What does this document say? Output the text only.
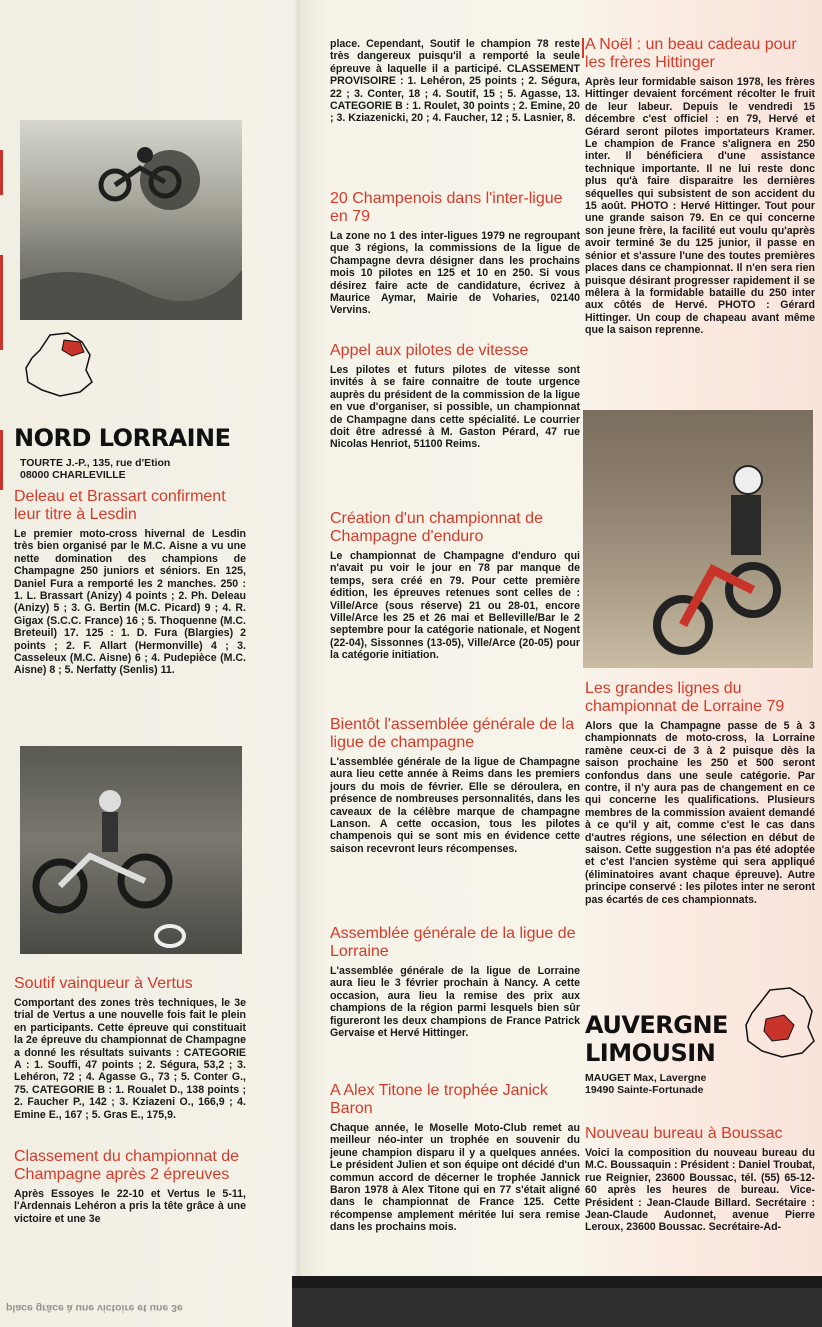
NORD LORRAINE
TOURTE J.-P., 135, rue d'Etion
08000 CHARLEVILLE
Deleau et Brassart confirment leur titre à Lesdin

Le premier moto-cross hivernal de Lesdin très bien organisé par le M.C. Aisne a vu une nette domination des champions de Champagne 250 juniors et séniors. En 125, Daniel Fura a remporté les 2 manches. 250 : 1. L. Brassart (Anizy) 4 points ; 2. Ph. Deleau (Anizy) 5 ; 3. G. Bertin (M.C. Picard) 9 ; 4. R. Gigax (S.C.C. France) 16 ; 5. Thoquenne (M.C. Breteuil) 17. 125 : 1. D. Fura (Blargies) 2 points ; 2. F. Allart (Hermonville) 4 ; 3. Casseleux (M.C. Aisne) 6 ; 4. Pudepièce (M.C. Aisne) 8 ; 5. Nerfatty (Senlis) 11.

Soutif vainqueur à Vertus

Comportant des zones très techniques, le 3e trial de Vertus a une nouvelle fois fait le plein en participants. Cette épreuve qui constituait la 2e épreuve du championnat de Champagne a donné les résultats suivants : CATEGORIE A : 1. Souffi, 47 points ; 2. Ségura, 53,2 ; 3. Lehéron, 72 ; 4. Agasse G., 73 ; 5. Conter G., 75. CATEGORIE B : 1. Roualet D., 138 points ; 2. Faucher P., 142 ; 3. Kziazeni O., 166,9 ; 4. Emine E., 167 ; 5. Gras E., 175,9.

Classement du championnat de Champagne après 2 épreuves

Après Essoyes le 22-10 et Vertus le 5-11, l'Ardennais Lehéron a pris la tête grâce à une victoire et une 3e

place grâce à une victoire et une 3e

place. Cependant, Soutif le champion 78 reste très dangereux puisqu'il a remporté la seule épreuve à laquelle il a participé. CLASSEMENT PROVISOIRE : 1. Lehéron, 25 points ; 2. Ségura, 22 ; 3. Conter, 18 ; 4. Soutif, 15 ; 5. Agasse, 13. CATEGORIE B : 1. Roulet, 30 points ; 2. Emine, 20 ; 3. Kziazenicki, 20 ; 4. Faucher, 12 ; 5. Lasnier, 8.

20 Champenois dans l'inter-ligue en 79

La zone no 1 des inter-ligues 1979 ne regroupant que 3 régions, la commissions de la ligue de Champagne devra désigner dans les prochains mois 10 pilotes en 125 et 10 en 250. Si vous désirez faire acte de candidature, écrivez à Maurice Aymar, Mairie de Voharies, 02140 Vervins.

Appel aux pilotes de vitesse

Les pilotes et futurs pilotes de vitesse sont invités à se faire connaitre de toute urgence auprès du président de la commission de la ligue en vue d'organiser, si possible, un championnat de Champagne dans cette spécialité. Le courrier doit être adressé à M. Gaston Pérard, 47 rue Nicolas Henriot, 51100 Reims.

Création d'un championnat de Champagne d'enduro

Le championnat de Champagne d'enduro qui n'avait pu voir le jour en 78 par manque de temps, sera créé en 79. Pour cette première édition, les épreuves retenues sont celles de : Ville/Arce (sous réserve) 21 ou 28-01, encore Ville/Arce les 25 et 26 mai et Belleville/Bar le 2 septembre pour la catégorie nationale, et Nogent (22-04), Sissonnes (13-05), Ville/Arce (20-05) pour la catégorie initiation.

Bientôt l'assemblée générale de la ligue de champagne

L'assemblée générale de la ligue de Champagne aura lieu cette année à Reims dans les premiers jours du mois de février. Elle se déroulera, en présence de nombreuses personnalités, dans les caveaux de la célèbre marque de champagne Lanson. A cette occasion, tous les pilotes champenois qui se sont mis en évidence cette saison recevront leurs récompenses.

Assemblée générale de la ligue de Lorraine

L'assemblée générale de la ligue de Lorraine aura lieu le 3 février prochain à Nancy. A cette occasion, aura lieu la remise des prix aux champions de la région parmi lesquels bien sûr figureront les deux champions de France Patrick Gervaise et Hervé Hittinger.

A Alex Titone le trophée Janick Baron

Chaque année, le Moselle Moto-Club remet au meilleur néo-inter un trophée en souvenir du jeune champion disparu il y a quelques années. Le président Julien et son équipe ont décidé d'un commun accord de décerner le trophée Jannick Baron 1978 à Alex Titone qui en 77 s'était aligné dans le championnat de France 125. Cette récompense amplement méritée lui sera remise dans les prochains mois.

A Noël : un beau cadeau pour les frères Hittinger

Après leur formidable saison 1978, les frères Hittinger devaient forcément récolter le fruit de leur labeur. Depuis le vendredi 15 décembre c'est officiel : en 79, Hervé et Gérard seront pilotes importateurs Kramer. Le champion de France s'alignera en 250 inter. Il bénéficiera d'une assistance technique importante. Il ne lui reste donc plus qu'à faire disparaitre les dernières séquelles qui subsistent de son accident du 15 août. PHOTO : Hervé Hittinger. Tout pour une grande saison 79. En ce qui concerne son jeune frère, la facilité eut voulu qu'après avoir terminé 3e du 125 junior, il passe en sénior et s'assure l'une des toutes premières places dans ce championnat. Il n'en sera rien puisque désirant progresser rapidement il se mêlera à la formidable bataille du 250 inter aux côtés de Hervé. PHOTO : Gérard Hittinger. Un coup de chapeau avant même que la saison reprenne.

Les grandes lignes du championnat de Lorraine 79

Alors que la Champagne passe de 5 à 3 championnats de moto-cross, la Lorraine ramène ceux-ci de 3 à 2 puisque dès la saison prochaine les 250 et 500 seront confondus dans une seule catégorie. Par contre, il n'y aura pas de changement en ce qui concerne les qualifications. Plusieurs membres de la commission avaient demandé à ce qu'il y ait, comme c'est le cas dans d'autres régions, une sélection en début de saison. Cette suggestion n'a pas été adoptée et c'est l'ancien système qui sera appliqué (éliminatoires avant chaque épreuve). Autre principe conservé : les pilotes inter ne seront pas écartés de ces championnats.

AUVERGNE
LIMOUSIN
MAUGET Max, Lavergne
19490 Sainte-Fortunade
Nouveau bureau à Boussac

Voici la composition du nouveau bureau du M.C. Boussaquin : Président : Daniel Troubat, rue Reignier, 23600 Boussac, tél. (55) 65-12-60 après les heures de bureau. Vice-Président : Jean-Claude Billard. Secrétaire : Jean-Claude Audonnet, avenue Pierre Leroux, 23600 Boussac. Secrétaire-Ad-
